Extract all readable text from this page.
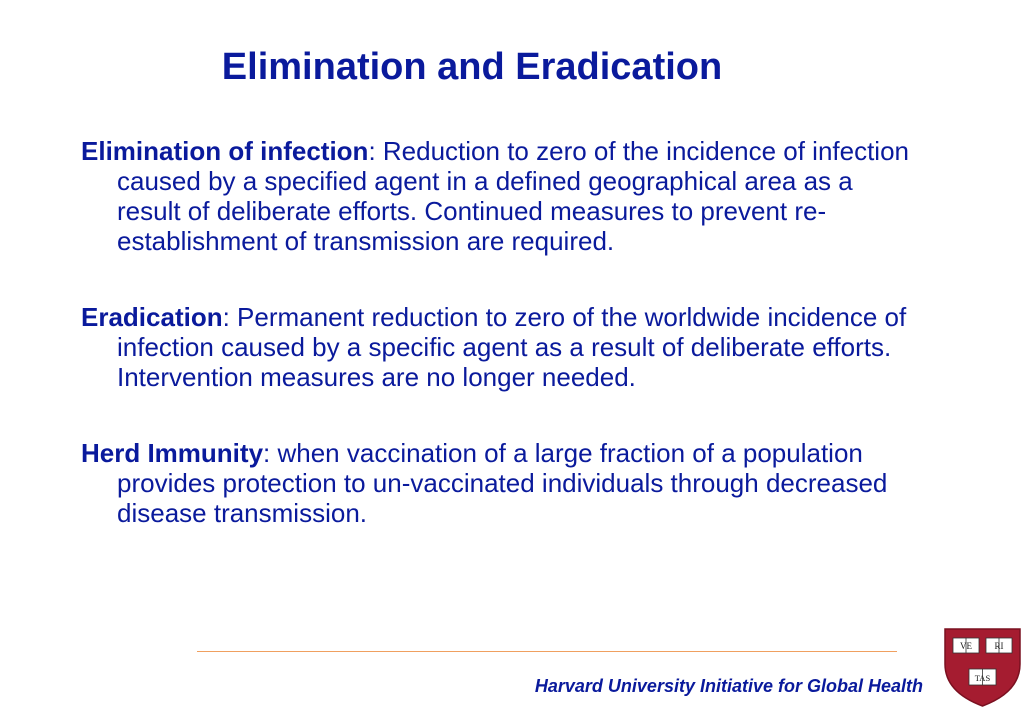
Elimination and Eradication

Elimination of infection: Reduction to zero of the incidence of infection caused by a specified agent in a defined geographical area as a result of deliberate efforts. Continued measures to prevent re-establishment of transmission are required.

Eradication: Permanent reduction to zero of the worldwide incidence of infection caused by a specific agent as a result of deliberate efforts. Intervention measures are no longer needed.

Herd Immunity: when vaccination of a large fraction of a population provides protection to un-vaccinated individuals through decreased disease transmission.

Harvard University Initiative for Global Health
VE	RI
TAS
